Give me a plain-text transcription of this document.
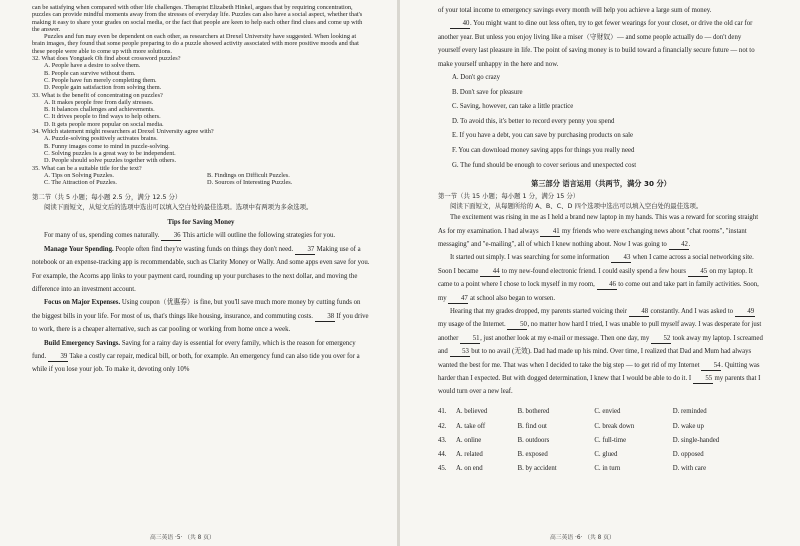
can be satisfying when compared with other life challenges. Therapist Elizabeth Hinkel, argues that by requiring concentration, puzzles can provide mindful moments away from the stresses of everyday life. Puzzles can also have a social aspect, whether that's making it easy to share your grades on social media, or the fact that people are keen to help each other find clues and come up with the answer.

Puzzles and fun may even be dependent on each other, as researchers at Drexel University have suggested. When looking at brain images, they found that some people preparing to do a puzzle showed activity associated with more positive moods and that these people were able to come up with more solutions.

32. What does Yongtaek Oh find about crossword puzzles?

A. People have a desire to solve them.

B. People can survive without them.

C. People have fun merely completing them.

D. People gain satisfaction from solving them.

33. What is the benefit of concentrating on puzzles?

A. It makes people free from daily stresses.

B. It balances challenges and achievements.

C. It drives people to find ways to help others.

D. It gets people more popular on social media.

34. Which statement might researchers at Drexel University agree with?

A. Puzzle-solving positively activates brains.

B. Funny images come to mind in puzzle-solving.

C. Solving puzzles is a great way to be independent.

D. People should solve puzzles together with others.

35. What can be a suitable title for the text?

A. Tips on Solving Puzzles.	B. Findings on Difficult Puzzles.
C. The Attraction of Puzzles.	D. Sources of Interesting Puzzles.

第二节（共 5 小题；每小题 2.5 分，满分 12.5 分）

阅读下面短文，从短文后的选项中选出可以填入空白处的最佳选项。选项中有两项为多余选项。

Tips for Saving Money

For many of us, spending comes naturally. 36 This article will outline the following strategies for you.

Manage Your Spending. People often find they're wasting funds on things they don't need. 37 Making use of a notebook or an expense-tracking app is recommendable, such as Clarity Money or Wally. And some apps even save for you. For example, the Acorns app links to your payment card, rounding up your purchases to the next dollar, and moving the difference into an investment account.

Focus on Major Expenses. Using coupon（优惠券）is fine, but you'll save much more money by cutting funds on the biggest bills in your life. For most of us, that's things like housing, insurance, and commuting costs. 38 If you drive to work, there is a cheaper alternative, such as car pooling or working from home once a week.

Build Emergency Savings. Saving for a rainy day is essential for every family, which is the reason for emergency fund. 39 Take a costly car repair, medical bill, or both, for example. An emergency fund can also tide you over for a while if you lose your job. To make it, devoting only 10%

高三英语 ·5· （共 8 页）

of your total income to emergency savings every month will help you achieve a large sum of money.

40. You might want to dine out less often, try to get fewer wearings for your closet, or drive the old car for another year. But unless you enjoy living like a miser（守财奴）— and some people actually do — don't deny yourself every last pleasure in life. The point of saving money is to build toward a financially secure future — not to make yourself unhappy in the here and now.

A. Don't go crazy

B. Don't save for pleasure

C. Saving, however, can take a little practice

D. To avoid this, it's better to record every penny you spend

E. If you have a debt, you can save by purchasing products on sale

F. You can download money saving apps for things you really need

G. The fund should be enough to cover serious and unexpected cost

第三部分 语言运用（共两节，满分 30 分）

第一节（共 15 小题；每小题 1 分，满分 15 分）

阅读下面短文，从每题所给的 A、B、C、D 四个选项中选出可以填入空白处的最佳选项。

The excitement was rising in me as I held a brand new laptop in my hands. This was a reward for scoring straight As for my examination. I had always 41 my friends who were exchanging news about "chat rooms", "instant messaging" and "e-mailing", all of which I knew nothing about. Now I was going to 42.

It started out simply. I was searching for some information 43 when I came across a social networking site. Soon I became 44 to my new-found electronic friend. I could easily spend a few hours 45 on my laptop. It came to a point where I chose to lock myself in my room, 46 to come out and take part in family activities. Soon, my 47 at school also began to worsen.

Hearing that my grades dropped, my parents started voicing their 48 constantly. And I was asked to 49 my usage of the Internet. 50, no matter how hard I tried, I was unable to pull myself away. I was desperate for just another 51, just another look at my e-mail or message. Then one day, my 52 took away my laptop. I screamed and 53 but to no avail (无效). Dad had made up his mind. Over time, I realized that Dad and Mum had always wanted the best for me. That was when I decided to take the big step — to get rid of my Internet 54. Quitting was harder than I expected. But with dogged determination, I knew that I would be able to do it. I 55 my parents that I would turn over a new leaf.

41.	A. believed	B. bothered	C. envied	D. reminded
42.	A. take off	B. find out	C. break down	D. wake up
43.	A. online	B. outdoors	C. full-time	D. single-handed
44.	A. related	B. exposed	C. glued	D. opposed
45.	A. on end	B. by accident	C. in turn	D. with care
高三英语 ·6· （共 8 页）
